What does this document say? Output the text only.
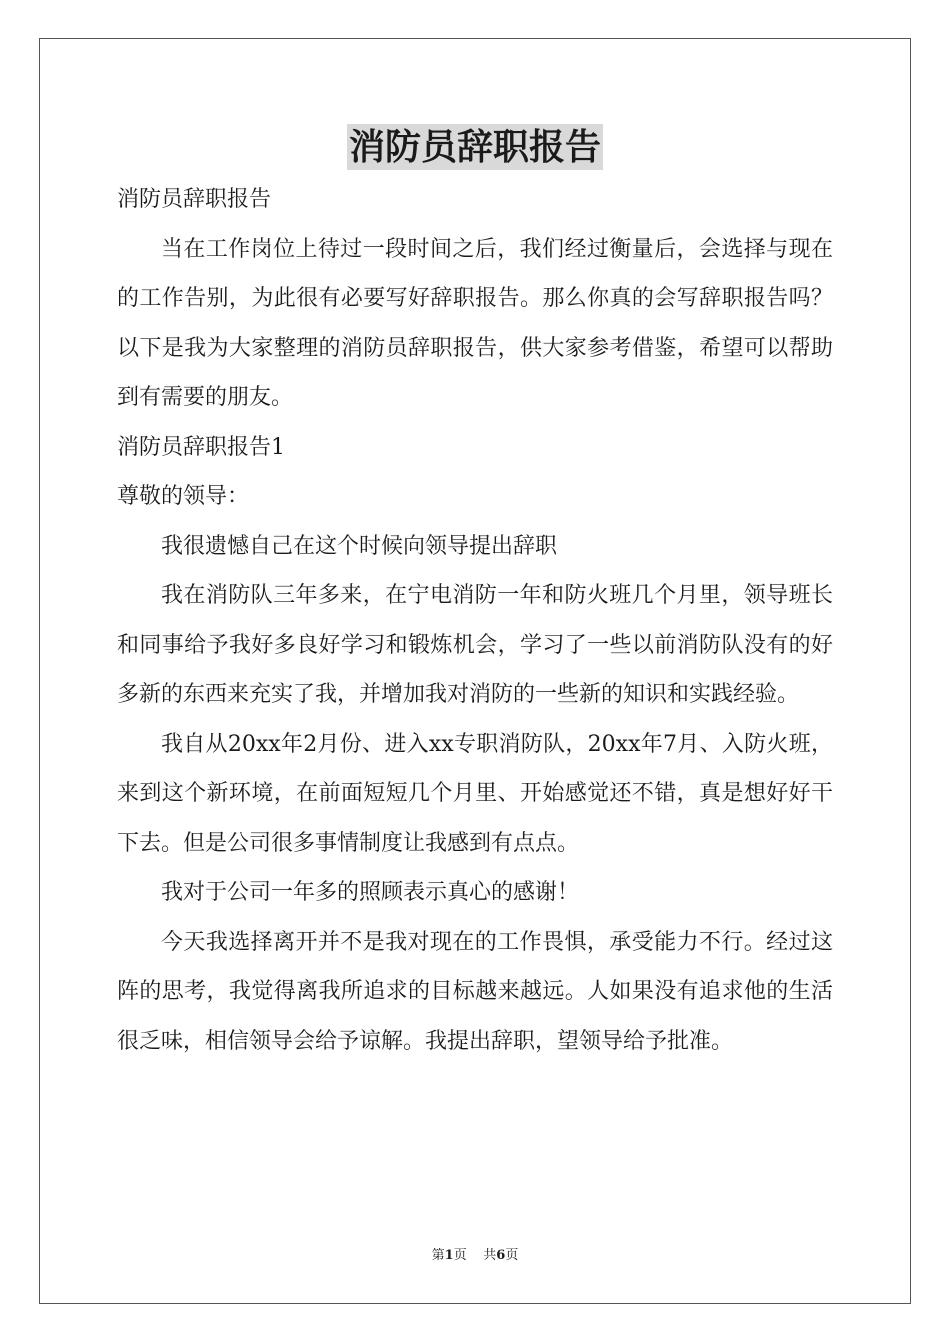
消防员辞职报告

消防员辞职报告

当在工作岗位上待过一段时间之后，我们经过衡量后，会选择与现在的工作告别，为此很有必要写好辞职报告。那么你真的会写辞职报告吗？以下是我为大家整理的消防员辞职报告，供大家参考借鉴，希望可以帮助到有需要的朋友。

消防员辞职报告1

尊敬的领导：

我很遗憾自己在这个时候向领导提出辞职

我在消防队三年多来，在宁电消防一年和防火班几个月里，领导班长和同事给予我好多良好学习和锻炼机会，学习了一些以前消防队没有的好多新的东西来充实了我，并增加我对消防的一些新的知识和实践经验。

我自从20xx年2月份、进入xx专职消防队，20xx年7月、入防火班，来到这个新环境，在前面短短几个月里、开始感觉还不错，真是想好好干下去。但是公司很多事情制度让我感到有点点。

我对于公司一年多的照顾表示真心的感谢！

今天我选择离开并不是我对现在的工作畏惧，承受能力不行。经过这阵的思考，我觉得离我所追求的目标越来越远。人如果没有追求他的生活很乏味，相信领导会给予谅解。我提出辞职，望领导给予批准。

第1页 共6页
